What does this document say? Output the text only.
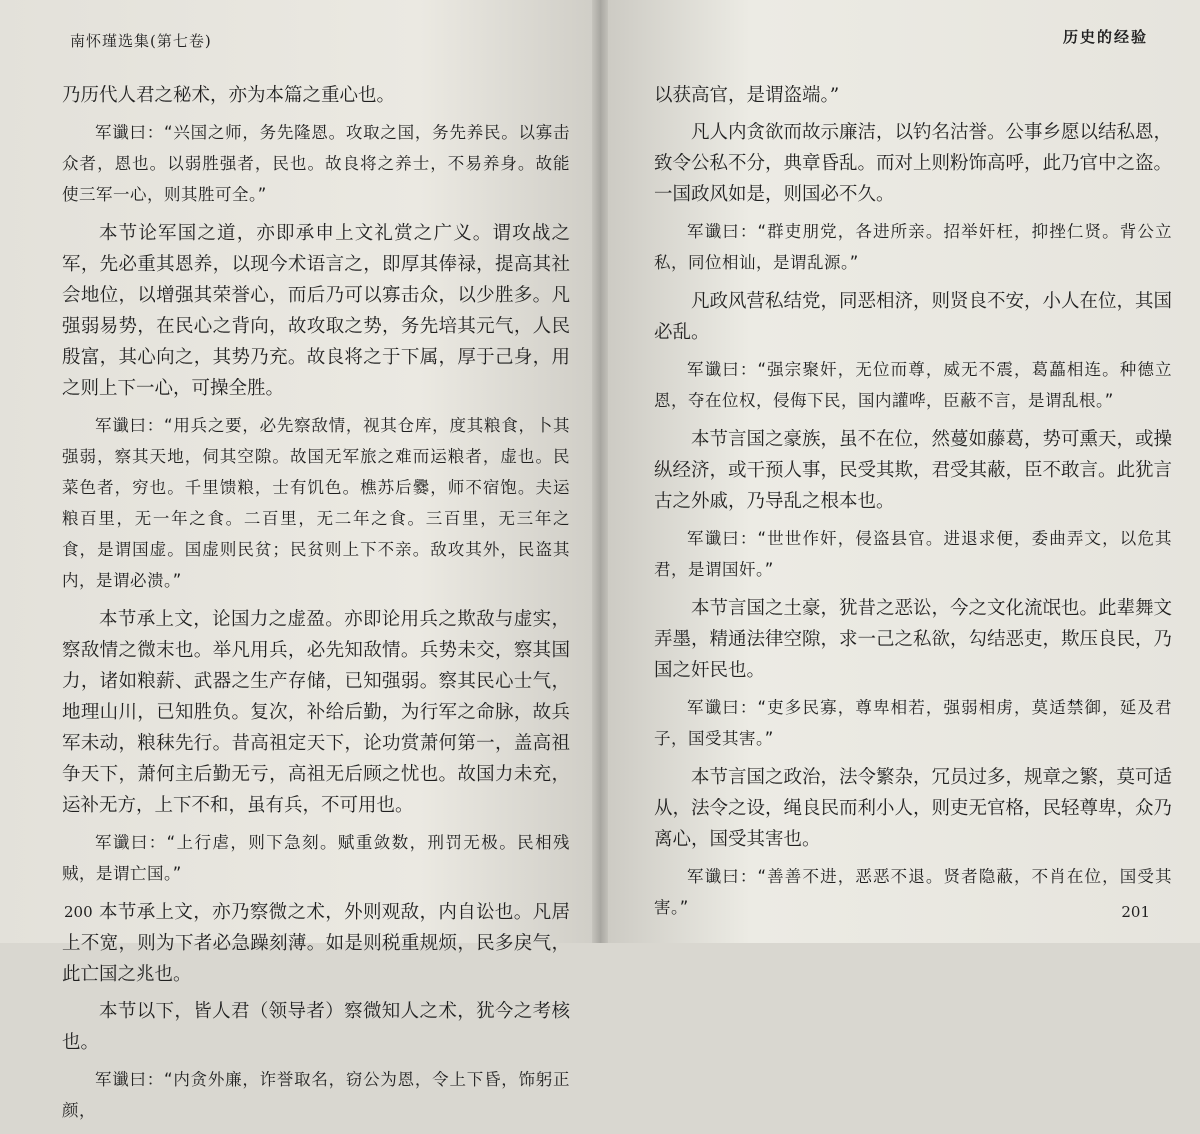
南怀瑾选集(第七卷)

乃历代人君之秘术，亦为本篇之重心也。

军谶曰：“兴国之师，务先隆恩。攻取之国，务先养民。以寡击众者，恩也。以弱胜强者，民也。故良将之养士，不易养身。故能使三军一心，则其胜可全。”

本节论军国之道，亦即承申上文礼赏之广义。谓攻战之军，先必重其恩养，以现今术语言之，即厚其俸禄，提高其社会地位，以增强其荣誉心，而后乃可以寡击众，以少胜多。凡强弱易势，在民心之背向，故攻取之势，务先培其元气，人民殷富，其心向之，其势乃充。故良将之于下属，厚于己身，用之则上下一心，可操全胜。

军谶曰：“用兵之要，必先察敌情，视其仓库，度其粮食，卜其强弱，察其天地，伺其空隙。故国无军旅之难而运粮者，虚也。民菜色者，穷也。千里馈粮，士有饥色。樵苏后爨，师不宿饱。夫运粮百里，无一年之食。二百里，无二年之食。三百里，无三年之食，是谓国虚。国虚则民贫；民贫则上下不亲。敌攻其外，民盗其内，是谓必溃。”

本节承上文，论国力之虚盈。亦即论用兵之欺敌与虚实，察敌情之微末也。举凡用兵，必先知敌情。兵势未交，察其国力，诸如粮薪、武器之生产存储，已知强弱。察其民心士气，地理山川，已知胜负。复次，补给后勤，为行军之命脉，故兵军未动，粮秣先行。昔高祖定天下，论功赏萧何第一，盖高祖争天下，萧何主后勤无亏，高祖无后顾之忧也。故国力未充，运补无方，上下不和，虽有兵，不可用也。

军谶曰：“上行虐，则下急刻。赋重敛数，刑罚无极。民相残贼，是谓亡国。”

本节承上文，亦乃察微之术，外则观敌，内自讼也。凡居上不宽，则为下者必急躁刻薄。如是则税重规烦，民多戾气，此亡国之兆也。

本节以下，皆人君（领导者）察微知人之术，犹今之考核也。

军谶曰：“内贪外廉，诈誉取名，窃公为恩，令上下昏，饰躬正颜，

200
历史的经验

以获高官，是谓盗端。”

凡人内贪欲而故示廉洁，以钓名沽誉。公事乡愿以结私恩，致令公私不分，典章昏乱。而对上则粉饰高呼，此乃官中之盗。一国政风如是，则国必不久。

军谶曰：“群吏朋党，各进所亲。招举奸枉，抑挫仁贤。背公立私，同位相讪，是谓乱源。”

凡政风营私结党，同恶相济，则贤良不安，小人在位，其国必乱。

军谶曰：“强宗聚奸，无位而尊，威无不震，葛藟相连。种德立恩，夺在位权，侵侮下民，国内讙哗，臣蔽不言，是谓乱根。”

本节言国之豪族，虽不在位，然蔓如藤葛，势可熏天，或操纵经济，或干预人事，民受其欺，君受其蔽，臣不敢言。此犹言古之外戚，乃导乱之根本也。

军谶曰：“世世作奸，侵盗县官。进退求便，委曲弄文，以危其君，是谓国奸。”

本节言国之土豪，犹昔之恶讼，今之文化流氓也。此辈舞文弄墨，精通法律空隙，求一己之私欲，勾结恶吏，欺压良民，乃国之奸民也。

军谶曰：“吏多民寡，尊卑相若，强弱相虏，莫适禁御，延及君子，国受其害。”

本节言国之政治，法令繁杂，冗员过多，规章之繁，莫可适从，法令之设，绳良民而利小人，则吏无官格，民轻尊卑，众乃离心，国受其害也。

军谶曰：“善善不进，恶恶不退。贤者隐蔽，不肖在位，国受其害。”	201
